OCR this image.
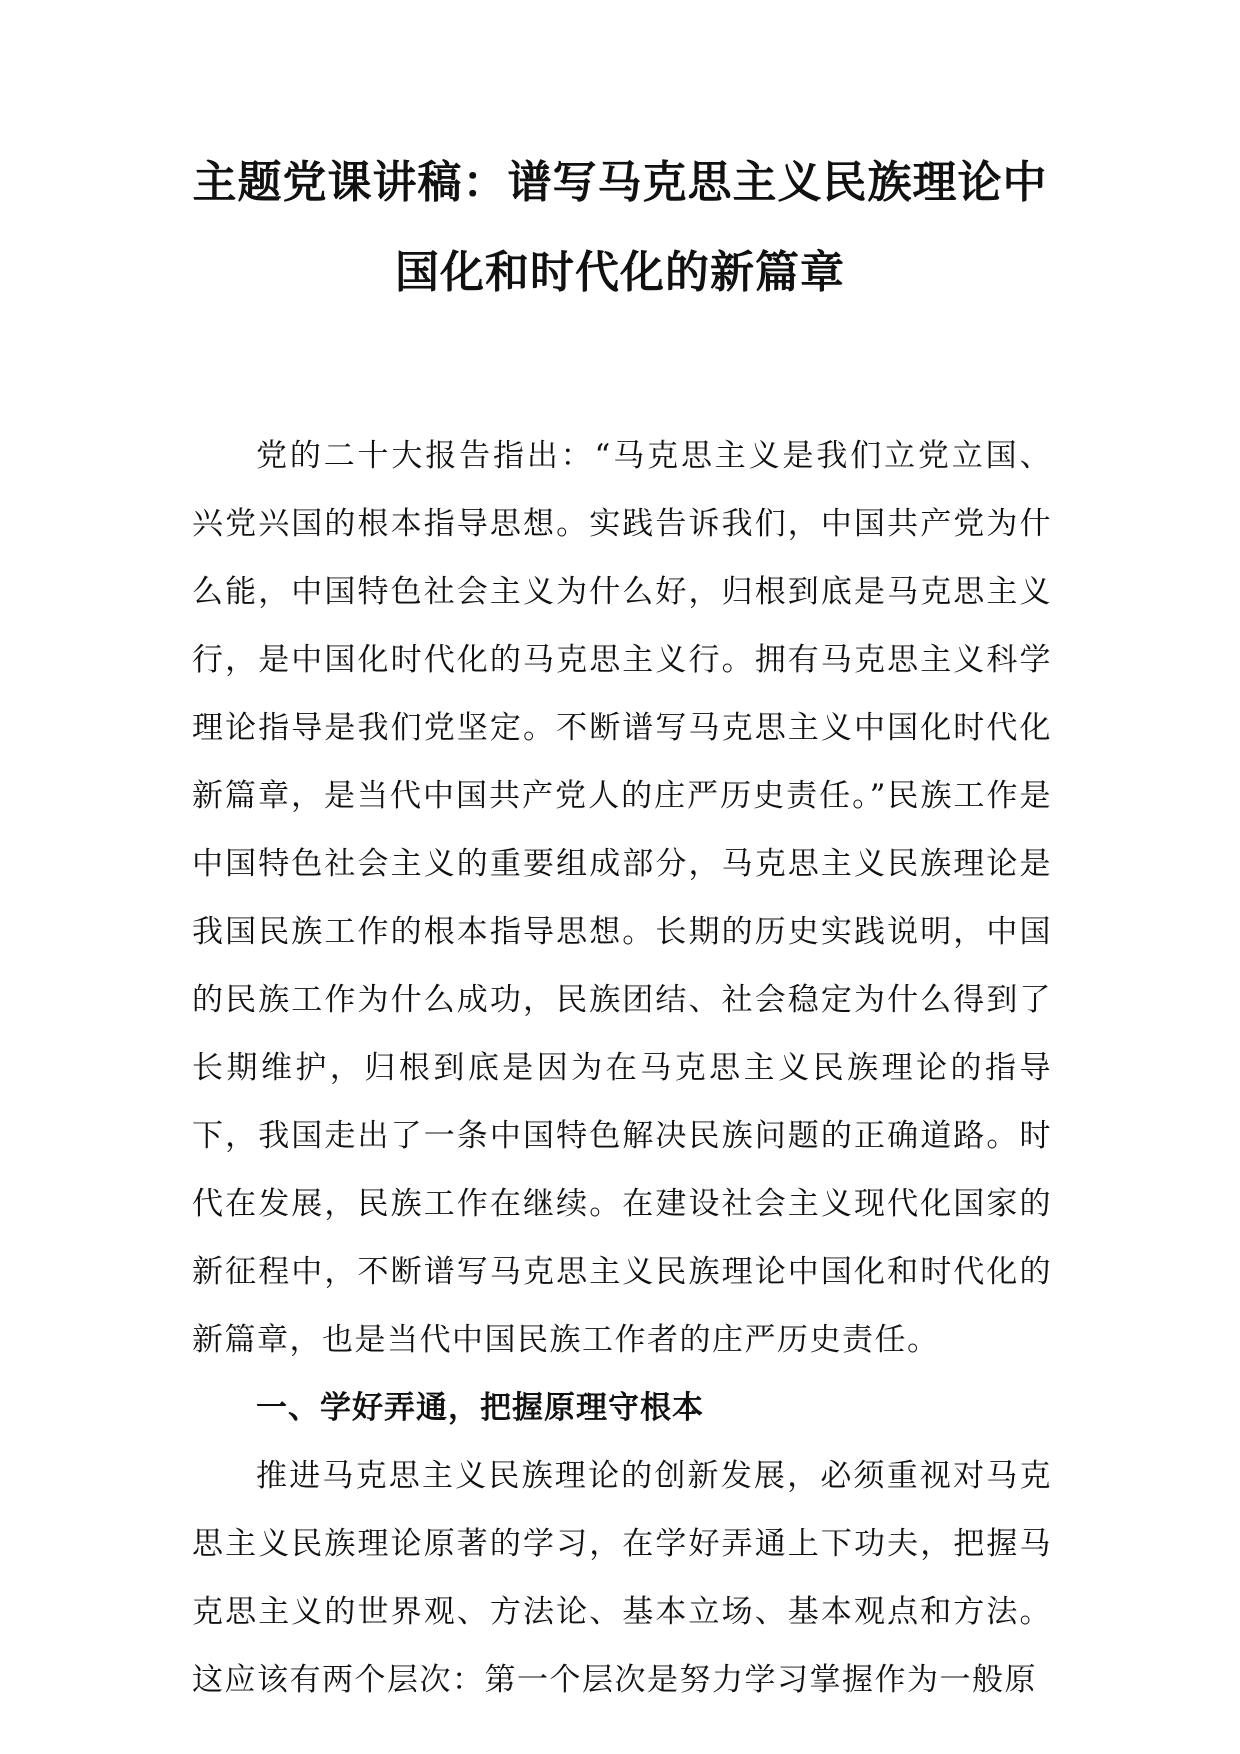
主题党课讲稿：谱写马克思主义民族理论中
国化和时代化的新篇章

党的二十大报告指出：“马克思主义是我们立党立国、兴党兴国的根本指导思想。实践告诉我们，中国共产党为什么能，中国特色社会主义为什么好，归根到底是马克思主义行，是中国化时代化的马克思主义行。拥有马克思主义科学理论指导是我们党坚定。不断谱写马克思主义中国化时代化新篇章，是当代中国共产党人的庄严历史责任。”民族工作是中国特色社会主义的重要组成部分，马克思主义民族理论是我国民族工作的根本指导思想。长期的历史实践说明，中国的民族工作为什么成功，民族团结、社会稳定为什么得到了长期维护，归根到底是因为在马克思主义民族理论的指导下，我国走出了一条中国特色解决民族问题的正确道路。时代在发展，民族工作在继续。在建设社会主义现代化国家的新征程中，不断谱写马克思主义民族理论中国化和时代化的新篇章，也是当代中国民族工作者的庄严历史责任。

一、学好弄通，把握原理守根本

推进马克思主义民族理论的创新发展，必须重视对马克思主义民族理论原著的学习，在学好弄通上下功夫，把握马克思主义的世界观、方法论、基本立场、基本观点和方法。这应该有两个层次：第一个层次是努力学习掌握作为一般原
